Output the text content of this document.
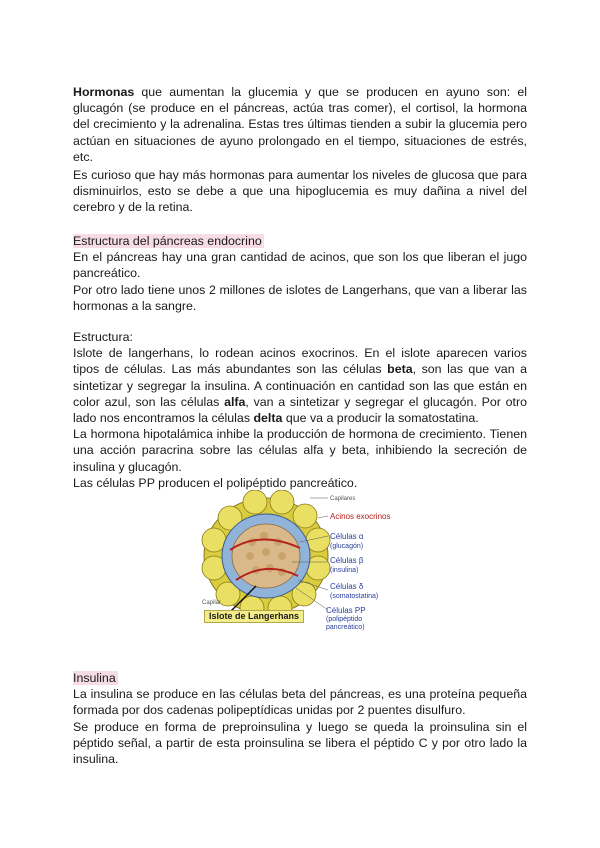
Hormonas que aumentan la glucemia y que se producen en ayuno son: el glucagón (se produce en el páncreas, actúa tras comer), el cortisol, la hormona del crecimiento y la adrenalina. Estas tres últimas tienden a subir la glucemia pero actúan en situaciones de ayuno prolongado en el tiempo, situaciones de estrés, etc.

Es curioso que hay más hormonas para aumentar los niveles de glucosa que para disminuirlos, esto se debe a que una hipoglucemia es muy dañina a nivel del cerebro y de la retina.

Estructura del páncreas endocrino

En el páncreas hay una gran cantidad de acinos, que son los que liberan el jugo pancreático.

Por otro lado tiene unos 2 millones de islotes de Langerhans, que van a liberar las hormonas a la sangre.

Estructura:

Islote de langerhans, lo rodean acinos exocrinos. En el islote aparecen varios tipos de células. Las más abundantes son las células beta, son las que van a sintetizar y segregar la insulina. A continuación en cantidad son las que están en color azul, son las células alfa, van a sintetizar y segregar el glucagón. Por otro lado nos encontramos la células delta que va a producir la somatostatina.

La hormona hipotalámica inhibe la producción de hormona de crecimiento. Tienen una acción paracrina sobre las células alfa y beta, inhibiendo la secreción de insulina y glucagón.

Las células PP producen el polipéptido pancreático.

Capilares
Acinos exocrinos
Células α
(glucagón)
Células β
(insulina)
Células δ
(somatostatina)
Células PP
(polipéptido
pancreático)
Capilar
Islote de Langerhans

Insulina

La insulina se produce en las células beta del páncreas, es una proteína pequeña formada por dos cadenas polipeptídicas unidas por 2 puentes disulfuro.

Se produce en forma de preproinsulina y luego se queda la proinsulina sin el péptido señal, a partir de esta proinsulina se libera el péptido C y por otro lado la insulina.
